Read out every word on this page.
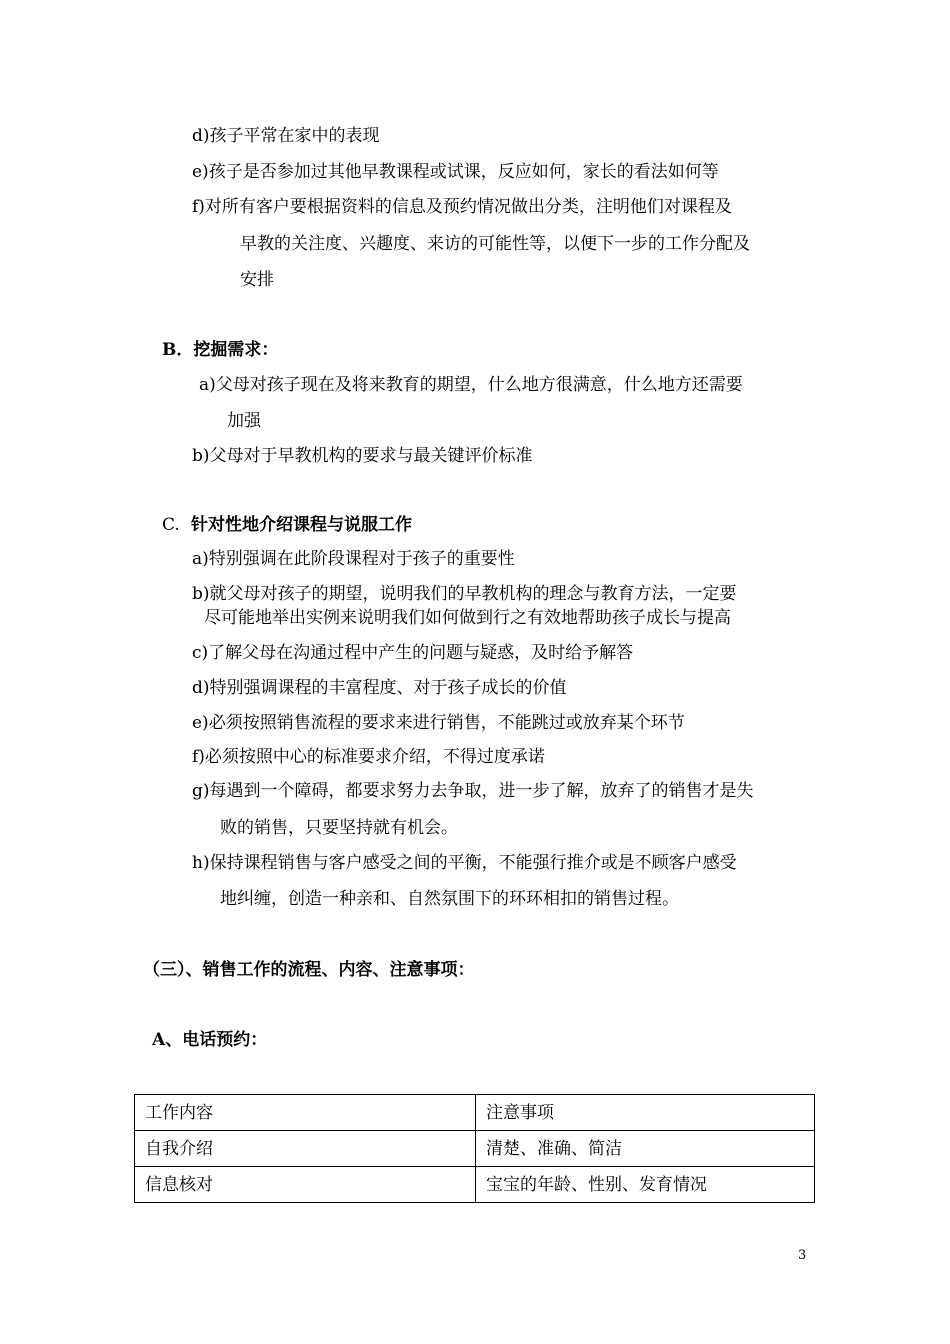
d)孩子平常在家中的表现
e)孩子是否参加过其他早教课程或试课，反应如何，家长的看法如何等
f)对所有客户要根据资料的信息及预约情况做出分类，注明他们对课程及
早教的关注度、兴趣度、来访的可能性等，以便下一步的工作分配及
安排
B．挖掘需求：
a)父母对孩子现在及将来教育的期望，什么地方很满意，什么地方还需要
加强
b)父母对于早教机构的要求与最关键评价标准
C. 针对性地介绍课程与说服工作
a)特别强调在此阶段课程对于孩子的重要性
b)就父母对孩子的期望，说明我们的早教机构的理念与教育方法，一定要
尽可能地举出实例来说明我们如何做到行之有效地帮助孩子成长与提高
c)了解父母在沟通过程中产生的问题与疑惑，及时给予解答
d)特别强调课程的丰富程度、对于孩子成长的价值
e)必须按照销售流程的要求来进行销售，不能跳过或放弃某个环节
f)必须按照中心的标准要求介绍，不得过度承诺
g)每遇到一个障碍，都要求努力去争取，进一步了解，放弃了的销售才是失
败的销售，只要坚持就有机会。
h)保持课程销售与客户感受之间的平衡，不能强行推介或是不顾客户感受
地纠缠，创造一种亲和、自然氛围下的环环相扣的销售过程。
（三）、销售工作的流程、内容、注意事项：
A、电话预约：
工作内容	注意事项
自我介绍	清楚、准确、简洁
信息核对	宝宝的年龄、性别、发育情况
3
